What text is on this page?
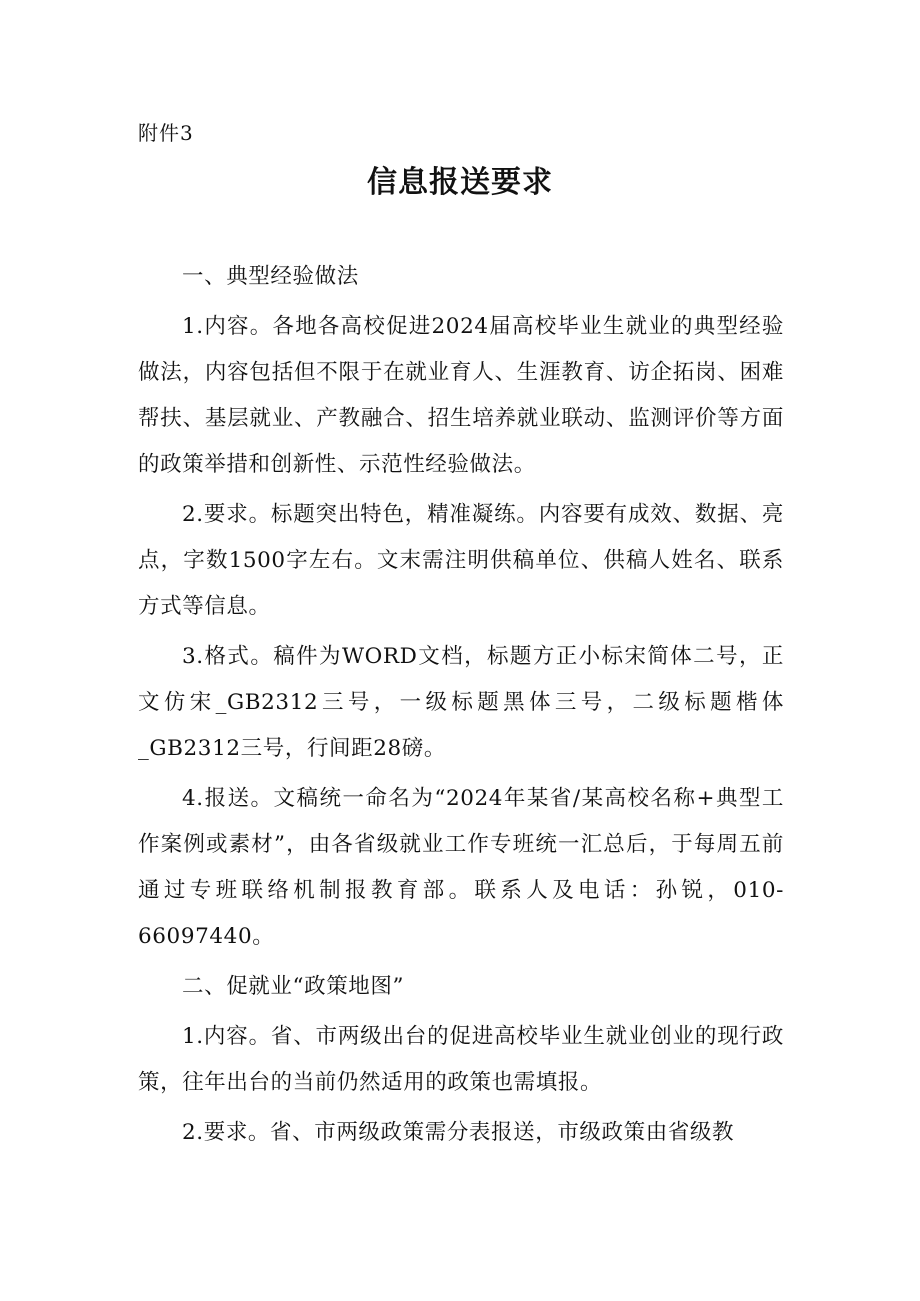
附件3
信息报送要求

一、典型经验做法

1.内容。各地各高校促进2024届高校毕业生就业的典型经验做法，内容包括但不限于在就业育人、生涯教育、访企拓岗、困难帮扶、基层就业、产教融合、招生培养就业联动、监测评价等方面的政策举措和创新性、示范性经验做法。

2.要求。标题突出特色，精准凝练。内容要有成效、数据、亮点，字数1500字左右。文末需注明供稿单位、供稿人姓名、联系方式等信息。

3.格式。稿件为WORD文档，标题方正小标宋简体二号，正文仿宋_GB2312三号，一级标题黑体三号，二级标题楷体_GB2312三号，行间距28磅。

4.报送。文稿统一命名为“2024年某省/某高校名称+典型工作案例或素材”，由各省级就业工作专班统一汇总后，于每周五前通过专班联络机制报教育部。联系人及电话：孙锐，010-66097440。

二、促就业“政策地图”

1.内容。省、市两级出台的促进高校毕业生就业创业的现行政策，往年出台的当前仍然适用的政策也需填报。

2.要求。省、市两级政策需分表报送，市级政策由省级教
